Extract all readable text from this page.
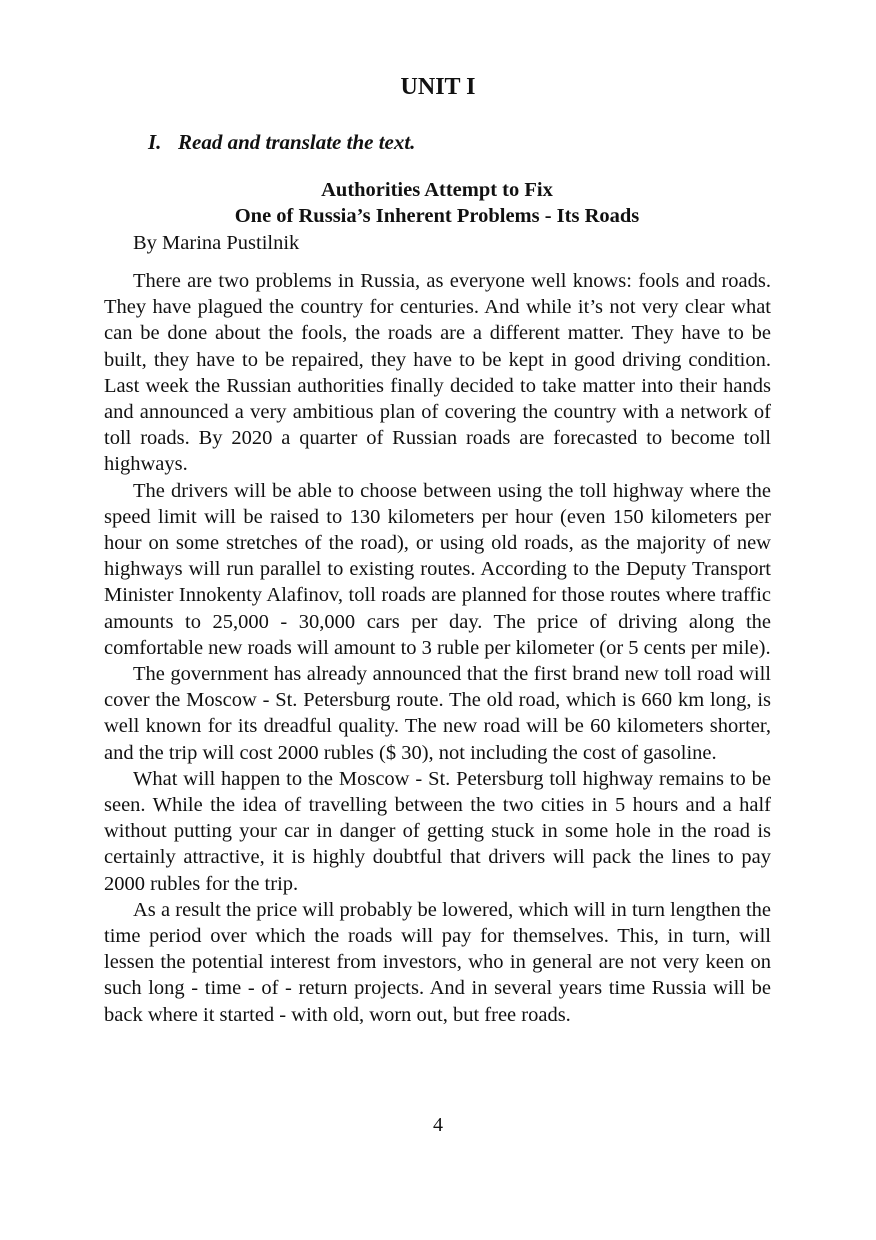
UNIT I
I. Read and translate the text.
Authorities Attempt to Fix
One of Russia’s Inherent Problems - Its Roads
By Marina Pustilnik

There are two problems in Russia, as everyone well knows: fools and roads. They have plagued the country for centuries. And while it’s not very clear what can be done about the fools, the roads are a different matter. They have to be built, they have to be repaired, they have to be kept in good driving condition. Last week the Russian authorities finally decided to take matter into their hands and announced a very ambitious plan of covering the country with a network of toll roads. By 2020 a quarter of Russian roads are forecasted to become toll highways.

The drivers will be able to choose between using the toll highway where the speed limit will be raised to 130 kilometers per hour (even 150 kilometers per hour on some stretches of the road), or using old roads, as the majority of new highways will run parallel to existing routes. According to the Deputy Transport Minister Innokenty Alafinov, toll roads are planned for those routes where traffic amounts to 25,000 - 30,000 cars per day. The price of driving along the comfortable new roads will amount to 3 ruble per kilometer (or 5 cents per mile).

The government has already announced that the first brand new toll road will cover the Moscow - St. Petersburg route. The old road, which is 660 km long, is well known for its dreadful quality. The new road will be 60 kilometers shorter, and the trip will cost 2000 rubles ($ 30), not including the cost of gasoline.

What will happen to the Moscow - St. Petersburg toll highway remains to be seen. While the idea of travelling between the two cities in 5 hours and a half without putting your car in danger of getting stuck in some hole in the road is certainly attractive, it is highly doubtful that drivers will pack the lines to pay 2000 rubles for the trip.

As a result the price will probably be lowered, which will in turn lengthen the time period over which the roads will pay for themselves. This, in turn, will lessen the potential interest from investors, who in general are not very keen on such long - time - of - return projects. And in several years time Russia will be back where it started - with old, worn out, but free roads.

4
